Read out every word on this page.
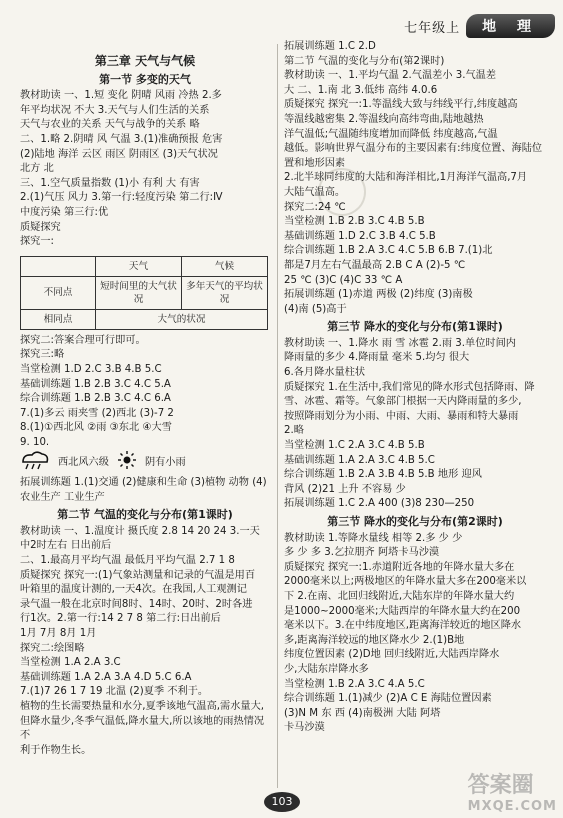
七年级上	地 理
第三章 天气与气候
第一节 多变的天气
教材助读 一、1.短 变化 阴晴 风雨 冷热 2.多
年平均状况 不大 3.天气与人们生活的关系
天气与农业的关系 天气与战争的关系 略
二、1.略 2.阴晴 风 气温 3.(1)准确预报 危害
(2)陆地 海洋 云区 雨区 阴雨区 (3)天气状况
北方 北
三、1.空气质量指数 (1)小 有利 大 有害
2.(1)气压 风力 3.第一行:轻度污染 第二行:Ⅳ
中度污染 第三行:优
质疑探究
探究一:
	天气	气候
不同点	短时间里的大气状况	多年天气的平均状况
相同点	大气的状况	
探究二:答案合理可行即可。
探究三:略
当堂检测 1.D 2.C 3.B 4.B 5.C
基础训练题 1.B 2.B 3.C 4.C 5.A
综合训练题 1.B 2.B 3.C 4.C 6.A
7.(1)多云 雨夹雪 (2)西北 (3)-7 2
8.(1)①西北风 ②雨 ③东北 ④大雪
9. 10.
西北风六级	阴有小雨
拓展训练题 1.(1)交通 (2)健康和生命 (3)植物 动物 (4)农业生产 工业生产
第二节 气温的变化与分布(第1课时)
教材助读 一、1.温度计 摄氏度 2.8 14 20 24 3.一天
中2时左右 日出前后
二、1.最高月平均气温 最低月平均气温 2.7 1 8
质疑探究 探究一:(1)气象站测量和记录的气温是用百
叶箱里的温度计测的,一天4次。在我国,人工观测记
录气温一般在北京时间8时、14时、20时、2时各进
行1次。2.第一行:14 2 7 8 第二行:日出前后
1月 7月 8月 1月
探究二:绘图略
当堂检测 1.A 2.A 3.C
基础训练题 1.A 2.A 3.A 4.D 5.C 6.A
7.(1)7 26 1 7 19 北温 (2)夏季 不利于。
植物的生长需要热量和水分,夏季该地气温高,需水量大,
但降水量少,冬季气温低,降水量大,所以该地的雨热情况不
利于作物生长。
拓展训练题 1.C 2.D
第二节 气温的变化与分布(第2课时)
教材助读 一、1.平均气温 2.气温差小 3.气温差
大 二、1.南 北 3.低纬 高纬 4.0.6
质疑探究 探究一:1.等温线大致与纬线平行,纬度越高
等温线越密集 2.等温线向高纬弯曲,陆地越热
洋气温低;气温随纬度增加而降低 纬度越高,气温
越低。影响世界气温分布的主要因素有:纬度位置、海陆位置和地形因素
2.北半球同纬度的大陆和海洋相比,1月海洋气温高,7月
大陆气温高。
探究二:24 ℃
当堂检测 1.B 2.B 3.C 4.B 5.B
基础训练题 1.D 2.C 3.B 4.C 5.B
综合训练题 1.B 2.A 3.C 4.C 5.B 6.B 7.(1)北
都是7月左右气温最高 2.B C A (2)-5 ℃
25 ℃ (3)C (4)C 33 ℃ A
拓展训练题 (1)赤道 两极 (2)纬度 (3)南极
(4)南 (5)高于
第三节 降水的变化与分布(第1课时)
教材助读 一、1.降水 雨 雪 冰雹 2.雨 3.单位时间内
降雨量的多少 4.降雨量 毫米 5.均匀 很大
6.各月降水量柱状
质疑探究 1.在生活中,我们常见的降水形式包括降雨、降雪、冰雹、霜等。气象部门根据一天内降雨量的多少,
按照降雨划分为小雨、中雨、大雨、暴雨和特大暴雨
2.略
当堂检测 1.C 2.A 3.C 4.B 5.B
基础训练题 1.A 2.A 3.C 4.B 5.C
综合训练题 1.B 2.A 3.B 4.B 5.B 地形 迎风
背风 (2)21 上升 不容易 少
拓展训练题 1.C 2.A 400 (3)8 230—250
第三节 降水的变化与分布(第2课时)
教材助读 1.等降水量线 相等 2.多 少 少
多 少 多 3.乞拉朋齐 阿塔卡马沙漠
质疑探究 探究一:1.赤道附近各地的年降水量大多在
2000毫米以上;两极地区的年降水量大多在200毫米以
下 2.在南、北回归线附近,大陆东岸的年降水量大约
是1000~2000毫米;大陆西岸的年降水量大约在200
毫米以下。3.在中纬度地区,距离海洋较近的地区降水
多,距离海洋较远的地区降水少 2.(1)B地
纬度位置因素 (2)D地 回归线附近,大陆西岸降水
少,大陆东岸降水多
当堂检测 1.B 2.A 3.C 4.A 5.C
综合训练题 1.(1)减少 (2)A C E 海陆位置因素
(3)N M 东 西 (4)南极洲 大陆 阿塔
卡马沙漠
103
答案圈
MXQE.COM
